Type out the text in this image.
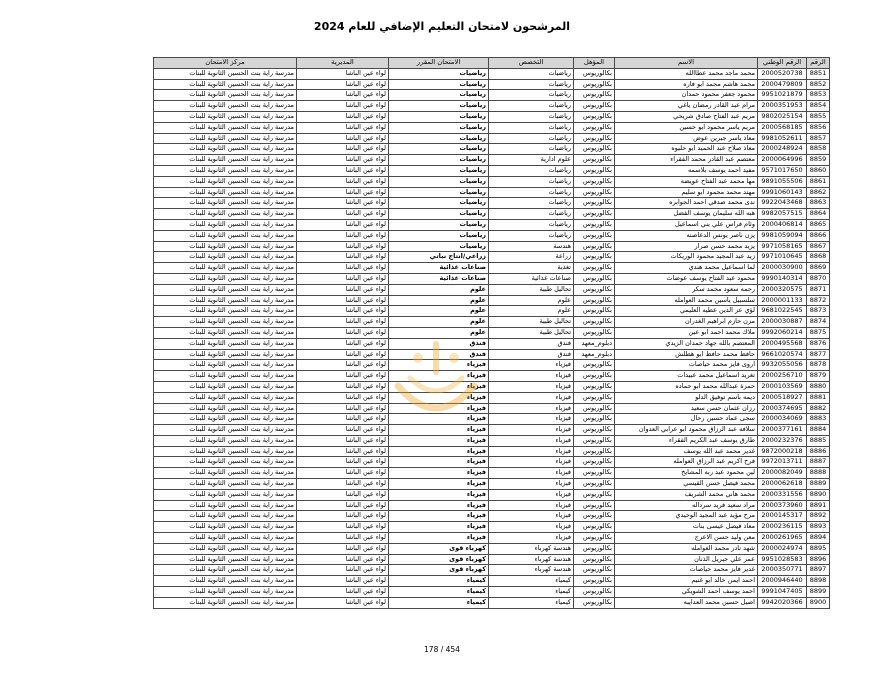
المرشحون لامتحان التعليم الإضافي للعام 2024
الرقم	الرقم الوطني	الاسم	المؤهل	التخصص	الامتحان المقرر	المديرية	مركز الامتحان
8851	2000520738	محمد ماجد محمد عطاالله	بكالوريوس	رياضيات	رياضيات	لواء عين الباشا	مدرسة راية بنت الحسين الثانوية للبنات
8852	2000479809	محمد هاشم محمد ابو فاره	بكالوريوس	رياضيات	رياضيات	لواء عين الباشا	مدرسة راية بنت الحسين الثانوية للبنات
8853	9951021879	محمود جعفر محمود حمدان	بكالوريوس	رياضيات	رياضيات	لواء عين الباشا	مدرسة راية بنت الحسين الثانوية للبنات
8854	2000351953	مرام عبد القادر رمضان ياغي	بكالوريوس	رياضيات	رياضيات	لواء عين الباشا	مدرسة راية بنت الحسين الثانوية للبنات
8855	9802025154	مريم عبد الفتاح صادق شريحي	بكالوريوس	رياضيات	رياضيات	لواء عين الباشا	مدرسة راية بنت الحسين الثانوية للبنات
8856	2000568185	مريم ياسر محمود ابو حسين	بكالوريوس	رياضيات	رياضيات	لواء عين الباشا	مدرسة راية بنت الحسين الثانوية للبنات
8857	9981052611	معاذ ياسر جبرين عوض	بكالوريوس	رياضيات	رياضيات	لواء عين الباشا	مدرسة راية بنت الحسين الثانوية للبنات
8858	2000248924	معاذ صلاح عبد الحميد ابو حليوه	بكالوريوس	رياضيات	رياضيات	لواء عين الباشا	مدرسة راية بنت الحسين الثانوية للبنات
8859	2000064996	معتصم عبد القادر محمد الفقراء	بكالوريوس	علوم ادارية	رياضيات	لواء عين الباشا	مدرسة راية بنت الحسين الثانوية للبنات
8860	9571017650	مفيد احمد يوسف بلاسمه	بكالوريوس	رياضيات	رياضيات	لواء عين الباشا	مدرسة راية بنت الحسين الثانوية للبنات
8861	9891055506	مها محمد عبد الفتاح عويضه	بكالوريوس	رياضيات	رياضيات	لواء عين الباشا	مدرسة راية بنت الحسين الثانوية للبنات
8862	9991060143	مهند محمد محمود ابو سليم	بكالوريوس	رياضيات	رياضيات	لواء عين الباشا	مدرسة راية بنت الحسين الثانوية للبنات
8863	9922043468	ندى محمد صدقي احمد الجوابره	بكالوريوس	رياضيات	رياضيات	لواء عين الباشا	مدرسة راية بنت الحسين الثانوية للبنات
8864	9982057515	هبه الله سليمان يوسف الفضل	بكالوريوس	رياضيات	رياضيات	لواء عين الباشا	مدرسة راية بنت الحسين الثانوية للبنات
8865	2000406814	وئام فراس علي بني اسماعيل	بكالوريوس	رياضيات	رياضيات	لواء عين الباشا	مدرسة راية بنت الحسين الثانوية للبنات
8866	9981059094	يزن ناصر يونس الدعاصنه	بكالوريوس	رياضيات	رياضيات	لواء عين الباشا	مدرسة راية بنت الحسين الثانوية للبنات
8867	9971058165	يزيد محمد حسن صرار	بكالوريوس	هندسة	رياضيات	لواء عين الباشا	مدرسة راية بنت الحسين الثانوية للبنات
8868	9971010645	زيد عبد المجيد محمود الوريكات	بكالوريوس	زراعة	زراعي/انتاج نباتي	لواء عين الباشا	مدرسة راية بنت الحسين الثانوية للبنات
8869	2000030900	لما اسماعيل محمد هندي	بكالوريوس	تغذية	صناعات غذائية	لواء عين الباشا	مدرسة راية بنت الحسين الثانوية للبنات
8870	9990140314	محمود عبد الفتاح يوسف عوضات	بكالوريوس	صناعات غذائية	صناعات غذائية	لواء عين الباشا	مدرسة راية بنت الحسين الثانوية للبنات
8871	2000320575	رحمه سعود محمد سكر	بكالوريوس	تحاليل طبية	علوم	لواء عين الباشا	مدرسة راية بنت الحسين الثانوية للبنات
8872	2000001133	سلسبيل ياسين محمد العوامله	بكالوريوس	علوم	علوم	لواء عين الباشا	مدرسة راية بنت الحسين الثانوية للبنات
8873	9681022545	لؤي عز الدين عطيه العليمي	بكالوريوس	علوم	علوم	لواء عين الباشا	مدرسة راية بنت الحسين الثانوية للبنات
8874	2000030887	مزن حازم ابراهيم الغدران	بكالوريوس	تحاليل طبية	علوم	لواء عين الباشا	مدرسة راية بنت الحسين الثانوية للبنات
8875	9992060214	ملاك محمد احمد ابو عين	بكالوريوس	تحاليل طبية	علوم	لواء عين الباشا	مدرسة راية بنت الحسين الثانوية للبنات
8876	2000495568	المعتصم بالله جهاد حمدان الزيدي	دبلوم_معهد	فندق	فندق	لواء عين الباشا	مدرسة راية بنت الحسين الثانوية للبنات
8877	9661020574	حافظ محمد حافظ ابو هطلش	دبلوم_معهد	فندق	فندق	لواء عين الباشا	مدرسة راية بنت الحسين الثانوية للبنات
8878	9932055056	اروى فايز محمد حياصات	بكالوريوس	فيزياء	فيزياء	لواء عين الباشا	مدرسة راية بنت الحسين الثانوية للبنات
8879	2000256710	تغريد اسماعيل محمد عبيدات	بكالوريوس	فيزياء	فيزياء	لواء عين الباشا	مدرسة راية بنت الحسين الثانوية للبنات
8880	2000103569	حمزة عبدالله محمد ابو حماده	بكالوريوس	فيزياء	فيزياء	لواء عين الباشا	مدرسة راية بنت الحسين الثانوية للبنات
8881	2000518927	ديمه باسم توفيق الدلو	بكالوريوس	فيزياء	فيزياء	لواء عين الباشا	مدرسة راية بنت الحسين الثانوية للبنات
8882	2000374695	رزان عثمان حسن سعيد	بكالوريوس	فيزياء	فيزياء	لواء عين الباشا	مدرسة راية بنت الحسين الثانوية للبنات
8883	2000034069	سجى عماد حسين رحال	بكالوريوس	فيزياء	فيزياء	لواء عين الباشا	مدرسة راية بنت الحسين الثانوية للبنات
8884	2000377161	سلافه عبد الرزاق محمود ابو عرابي العدوان	بكالوريوس	فيزياء	فيزياء	لواء عين الباشا	مدرسة راية بنت الحسين الثانوية للبنات
8885	2000232376	طارق يوسف عبد الكريم الفقراء	بكالوريوس	فيزياء	فيزياء	لواء عين الباشا	مدرسة راية بنت الحسين الثانوية للبنات
8886	9872000218	غدير محمد عبد الله يوسف	بكالوريوس	فيزياء	فيزياء	لواء عين الباشا	مدرسة راية بنت الحسين الثانوية للبنات
8887	9972013711	فرح اكريم عبد الرزاق العوامله	بكالوريوس	فيزياء	فيزياء	لواء عين الباشا	مدرسة راية بنت الحسين الثانوية للبنات
8888	2000082049	لين محمود عبد ربه المشايخ	بكالوريوس	فيزياء	فيزياء	لواء عين الباشا	مدرسة راية بنت الحسين الثانوية للبنات
8889	2000062618	محمد فيصل حسن القيسي	بكالوريوس	فيزياء	فيزياء	لواء عين الباشا	مدرسة راية بنت الحسين الثانوية للبنات
8890	2000331556	محمد هاني محمد الشريف	بكالوريوس	فيزياء	فيزياء	لواء عين الباشا	مدرسة راية بنت الحسين الثانوية للبنات
8891	2000373960	مراد سعيد فريد سرداله	بكالوريوس	فيزياء	فيزياء	لواء عين الباشا	مدرسة راية بنت الحسين الثانوية للبنات
8892	2000145317	مرح مؤيد عبد المجيد الوحيدي	بكالوريوس	فيزياء	فيزياء	لواء عين الباشا	مدرسة راية بنت الحسين الثانوية للبنات
8893	2000236115	معاذ فيصل عيسى بنات	بكالوريوس	فيزياء	فيزياء	لواء عين الباشا	مدرسة راية بنت الحسين الثانوية للبنات
8894	2000261965	معن وليد حسن الاعرج	بكالوريوس	فيزياء	فيزياء	لواء عين الباشا	مدرسة راية بنت الحسين الثانوية للبنات
8895	2000024974	شهد نادر محمد العوامله	بكالوريوس	هندسة كهرباء	كهرباء قوى	لواء عين الباشا	مدرسة راية بنت الحسين الثانوية للبنات
8896	9951028583	عمر علي جبريل الذنان	بكالوريوس	هندسة كهرباء	كهرباء قوى	لواء عين الباشا	مدرسة راية بنت الحسين الثانوية للبنات
8897	2000350771	غدير فايز محمد حياصات	بكالوريوس	هندسة كهرباء	كهرباء قوى	لواء عين الباشا	مدرسة راية بنت الحسين الثانوية للبنات
8898	2000946440	احمد ايمن خالد ابو غنيم	بكالوريوس	كيمياء	كيمياء	لواء عين الباشا	مدرسة راية بنت الحسين الثانوية للبنات
8899	9991047405	احمد يوسف احمد الشويكي	بكالوريوس	كيمياء	كيمياء	لواء عين الباشا	مدرسة راية بنت الحسين الثانوية للبنات
8900	9942020366	اصيل حسين محمد العدايبه	بكالوريوس	كيمياء	كيمياء	لواء عين الباشا	مدرسة راية بنت الحسين الثانوية للبنات
178 / 454
